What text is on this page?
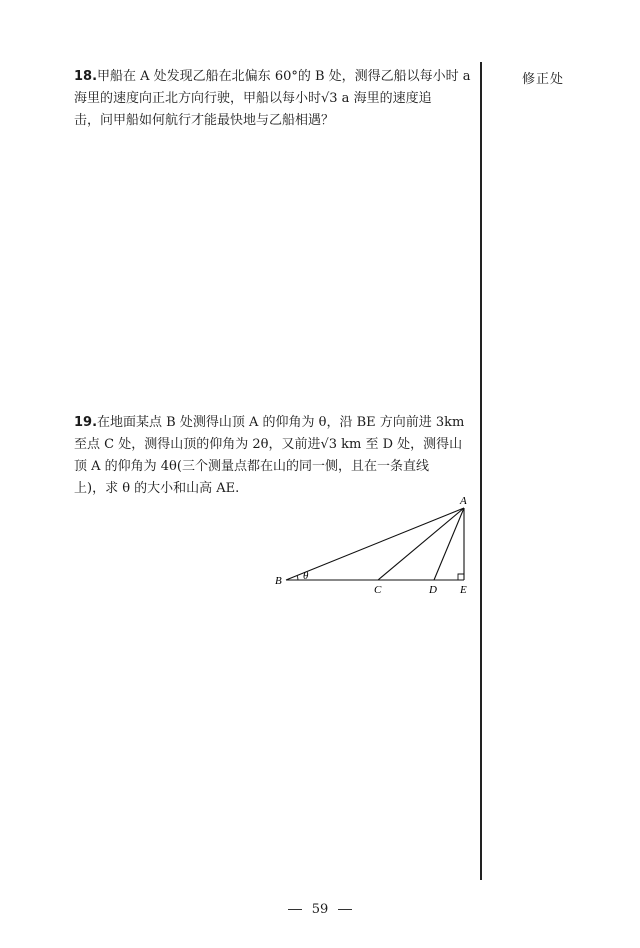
修正处
18.甲船在 A 处发现乙船在北偏东 60°的 B 处，测得乙船以每小时 a
海里的速度向正北方向行驶，甲船以每小时√3 a 海里的速度追
击，问甲船如何航行才能最快地与乙船相遇？
19.在地面某点 B 处测得山顶 A 的仰角为 θ，沿 BE 方向前进 3km
至点 C 处，测得山顶的仰角为 2θ，又前进√3 km 至 D 处，测得山
顶 A 的仰角为 4θ(三个测量点都在山的同一侧，且在一条直线
上)，求 θ 的大小和山高 AE.
A
B
C	D E
θ
59
